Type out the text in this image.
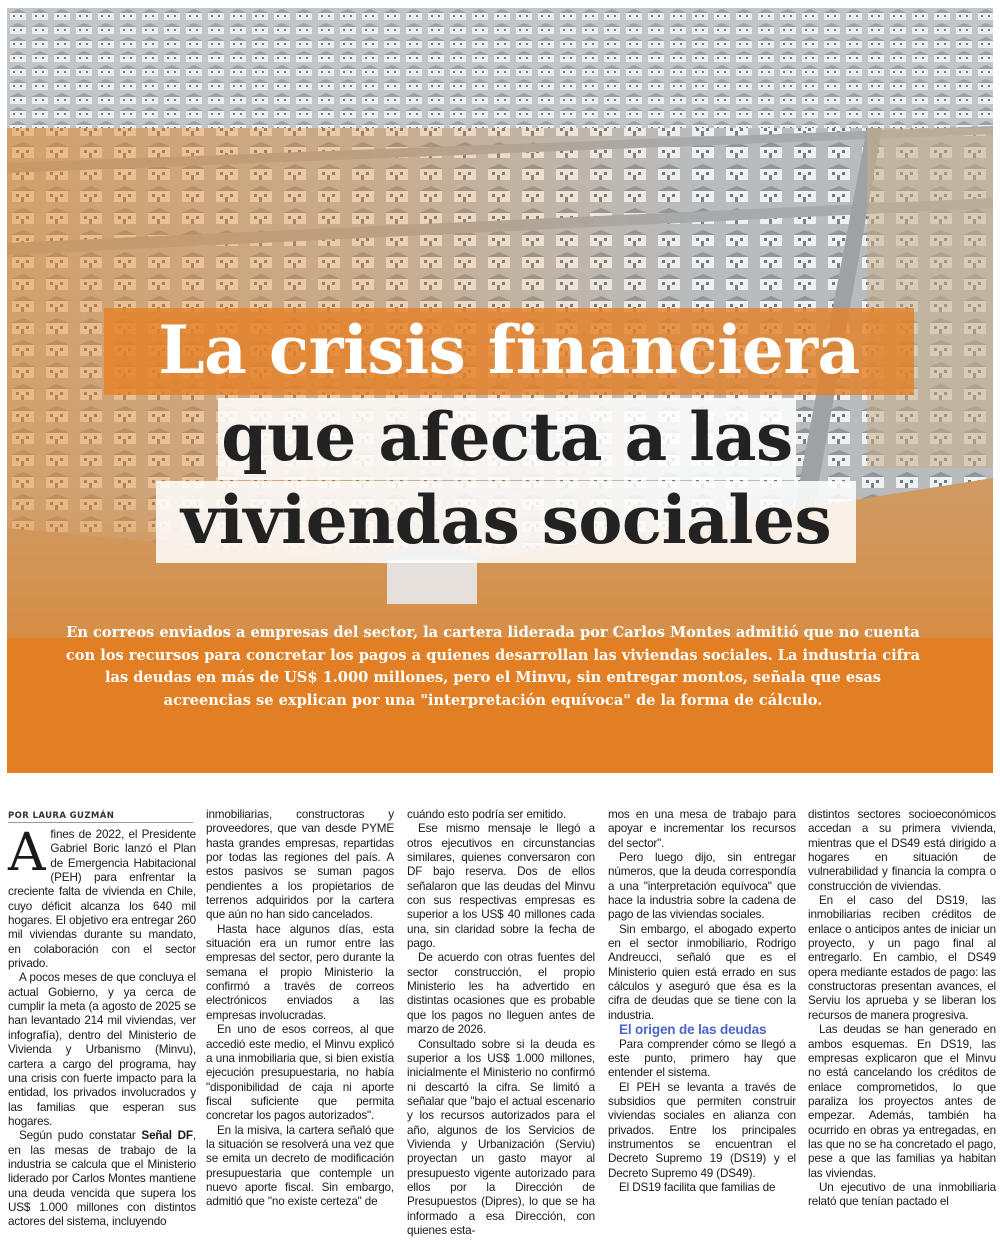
La crisis financiera
que afecta a las
viviendas sociales
En correos enviados a empresas del sector, la cartera liderada por Carlos Montes admitió que no cuenta con los recursos para concretar los pagos a quienes desarrollan las viviendas sociales. La industria cifra las deudas en más de US$ 1.000 millones, pero el Minvu, sin entregar montos, señala que esas acreencias se explican por una "interpretación equívoca" de la forma de cálculo.
POR LAURA GUZMÁN

A fines de 2022, el Presidente Gabriel Boric lanzó el Plan de Emergencia Habitacional (PEH) para enfrentar la creciente falta de vivienda en Chile, cuyo déficit alcanza los 640 mil hogares. El objetivo era entregar 260 mil viviendas durante su mandato, en colaboración con el sector privado.

A pocos meses de que concluya el actual Gobierno, y ya cerca de cumplir la meta (a agosto de 2025 se han levantado 214 mil viviendas, ver infografía), dentro del Ministerio de Vivienda y Urbanismo (Minvu), cartera a cargo del programa, hay una crisis con fuerte impacto para la entidad, los privados involucrados y las familias que esperan sus hogares.

Según pudo constatar Señal DF, en las mesas de trabajo de la industria se calcula que el Ministerio liderado por Carlos Montes mantiene una deuda vencida que supera los US$ 1.000 millones con distintos actores del sistema, incluyendo

inmobiliarias, constructoras y proveedores, que van desde PYME hasta grandes empresas, repartidas por todas las regiones del país. A estos pasivos se suman pagos pendientes a los propietarios de terrenos adquiridos por la cartera que aún no han sido cancelados.

Hasta hace algunos días, esta situación era un rumor entre las empresas del sector, pero durante la semana el propio Ministerio la confirmó a través de correos electrónicos enviados a las empresas involucradas.

En uno de esos correos, al que accedió este medio, el Minvu explicó a una inmobiliaria que, si bien existía ejecución presupuestaria, no había "disponibilidad de caja ni aporte fiscal suficiente que permita concretar los pagos autorizados".

En la misiva, la cartera señaló que la situación se resolverá una vez que se emita un decreto de modificación presupuestaria que contemple un nuevo aporte fiscal. Sin embargo, admitió que "no existe certeza" de

cuándo esto podría ser emitido.

Ese mismo mensaje le llegó a otros ejecutivos en circunstancias similares, quienes conversaron con DF bajo reserva. Dos de ellos señalaron que las deudas del Minvu con sus respectivas empresas es superior a los US$ 40 millones cada una, sin claridad sobre la fecha de pago.

De acuerdo con otras fuentes del sector construcción, el propio Ministerio les ha advertido en distintas ocasiones que es probable que los pagos no lleguen antes de marzo de 2026.

Consultado sobre si la deuda es superior a los US$ 1.000 millones, inicialmente el Ministerio no confirmó ni descartó la cifra. Se limitó a señalar que "bajo el actual escenario y los recursos autorizados para el año, algunos de los Servicios de Vivienda y Urbanización (Serviu) proyectan un gasto mayor al presupuesto vigente autorizado para ellos por la Dirección de Presupuestos (Dipres), lo que se ha informado a esa Dirección, con quienes esta-

mos en una mesa de trabajo para apoyar e incrementar los recursos del sector".

Pero luego dijo, sin entregar números, que la deuda correspondía a una "interpretación equívoca" que hace la industria sobre la cadena de pago de las viviendas sociales.

Sin embargo, el abogado experto en el sector inmobiliario, Rodrigo Andreucci, señaló que es el Ministerio quien está errado en sus cálculos y aseguró que ésa es la cifra de deudas que se tiene con la industria.

El origen de las deudas

Para comprender cómo se llegó a este punto, primero hay que entender el sistema.

El PEH se levanta a través de subsidios que permiten construir viviendas sociales en alianza con privados. Entre los principales instrumentos se encuentran el Decreto Supremo 19 (DS19) y el Decreto Supremo 49 (DS49).

El DS19 facilita que familias de

distintos sectores socioeconómicos accedan a su primera vivienda, mientras que el DS49 está dirigido a hogares en situación de vulnerabilidad y financia la compra o construcción de viviendas.

En el caso del DS19, las inmobiliarias reciben créditos de enlace o anticipos antes de iniciar un proyecto, y un pago final al entregarlo. En cambio, el DS49 opera mediante estados de pago: las constructoras presentan avances, el Serviu los aprueba y se liberan los recursos de manera progresiva.

Las deudas se han generado en ambos esquemas. En DS19, las empresas explicaron que el Minvu no está cancelando los créditos de enlace comprometidos, lo que paraliza los proyectos antes de empezar. Además, también ha ocurrido en obras ya entregadas, en las que no se ha concretado el pago, pese a que las familias ya habitan las viviendas.

Un ejecutivo de una inmobiliaria relató que tenían pactado el
